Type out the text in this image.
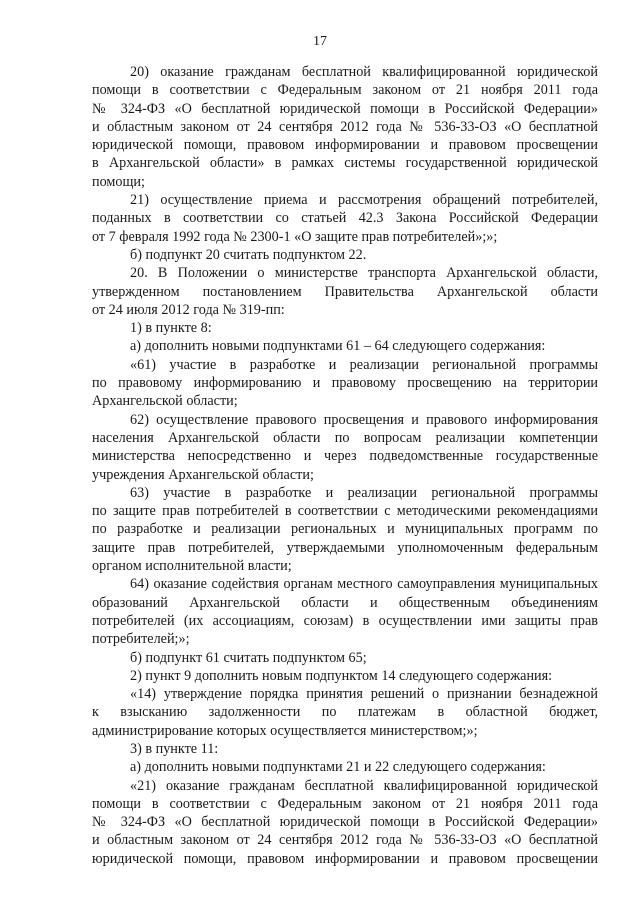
17
20) оказание гражданам бесплатной квалифицированной юридической
помощи в соответствии с Федеральным законом от 21 ноября 2011 года
№ 324-ФЗ «О бесплатной юридической помощи в Российской Федерации»
и областным законом от 24 сентября 2012 года № 536-33-ОЗ «О бесплатной
юридической помощи, правовом информировании и правовом просвещении
в Архангельской области» в рамках системы государственной юридической
помощи;
21) осуществление приема и рассмотрения обращений потребителей,
поданных в соответствии со статьей 42.3 Закона Российской Федерации
от 7 февраля 1992 года № 2300-1 «О защите прав потребителей»;»;
б) подпункт 20 считать подпунктом 22.
20. В Положении о министерстве транспорта Архангельской области,
утвержденном постановлением Правительства Архангельской области
от 24 июля 2012 года № 319-пп:
1) в пункте 8:
а) дополнить новыми подпунктами 61 – 64 следующего содержания:
«61) участие в разработке и реализации региональной программы
по правовому информированию и правовому просвещению на территории
Архангельской области;
62) осуществление правового просвещения и правового информирования
населения Архангельской области по вопросам реализации компетенции
министерства непосредственно и через подведомственные государственные
учреждения Архангельской области;
63) участие в разработке и реализации региональной программы
по защите прав потребителей в соответствии с методическими рекомендациями
по разработке и реализации региональных и муниципальных программ по
защите прав потребителей, утверждаемыми уполномоченным федеральным
органом исполнительной власти;
64) оказание содействия органам местного самоуправления муниципальных
образований Архангельской области и общественным объединениям
потребителей (их ассоциациям, союзам) в осуществлении ими защиты прав
потребителей;»;
б) подпункт 61 считать подпунктом 65;
2) пункт 9 дополнить новым подпунктом 14 следующего содержания:
«14) утверждение порядка принятия решений о признании безнадежной
к взысканию задолженности по платежам в областной бюджет,
администрирование которых осуществляется министерством;»;
3) в пункте 11:
а) дополнить новыми подпунктами 21 и 22 следующего содержания:
«21) оказание гражданам бесплатной квалифицированной юридической
помощи в соответствии с Федеральным законом от 21 ноября 2011 года
№ 324-ФЗ «О бесплатной юридической помощи в Российской Федерации»
и областным законом от 24 сентября 2012 года № 536-33-ОЗ «О бесплатной
юридической помощи, правовом информировании и правовом просвещении
